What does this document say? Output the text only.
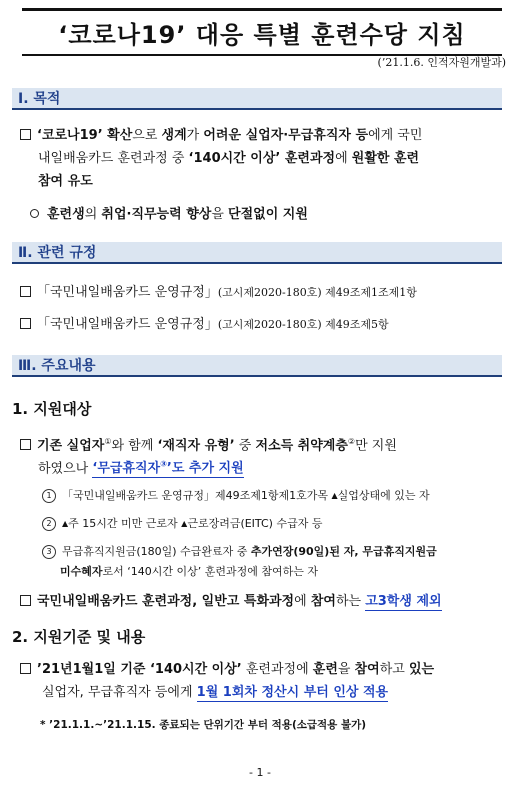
‘코로나19’ 대응 특별 훈련수당 지침
(’21.1.6. 인적자원개발과)
Ⅰ. 목적
‘코로나19’ 확산으로 생계가 어려운 실업자·무급휴직자 등에게 국민
내일배움카드 훈련과정 중 ‘140시간 이상’ 훈련과정에 원활한 훈련
참여 유도
훈련생의 취업·직무능력 향상을 단절없이 지원
Ⅱ. 관련 규정
「국민내일배움카드 운영규정」(고시제2020-180호) 제49조제1조제1항
「국민내일배움카드 운영규정」(고시제2020-180호) 제49조제5항
Ⅲ. 주요내용
1. 지원대상
기존 실업자①와 함께 ‘재직자 유형’ 중 저소득 취약계층②만 지원
하였으나 ‘무급휴직자③’도 추가 지원
1 「국민내일배움카드 운영규정」제49조제1항제1호가목 ▲실업상태에 있는 자
2 ▲주 15시간 미만 근로자 ▲근로장려금(EITC) 수급자 등
3 무급휴직지원금(180일) 수급완료자 중 추가연장(90일)된 자, 무급휴직지원금
미수혜자로서 ‘140시간 이상’ 훈련과정에 참여하는 자
국민내일배움카드 훈련과정, 일반고 특화과정에 참여하는 고3학생 제외
2. 지원기준 및 내용
’21년1월1일 기준 ‘140시간 이상’ 훈련과정에 훈련을 참여하고 있는
실업자, 무급휴직자 등에게 1월 1회차 정산시 부터 인상 적용
* ’21.1.1.~’21.1.15. 종료되는 단위기간 부터 적용(소급적용 불가)
- 1 -
